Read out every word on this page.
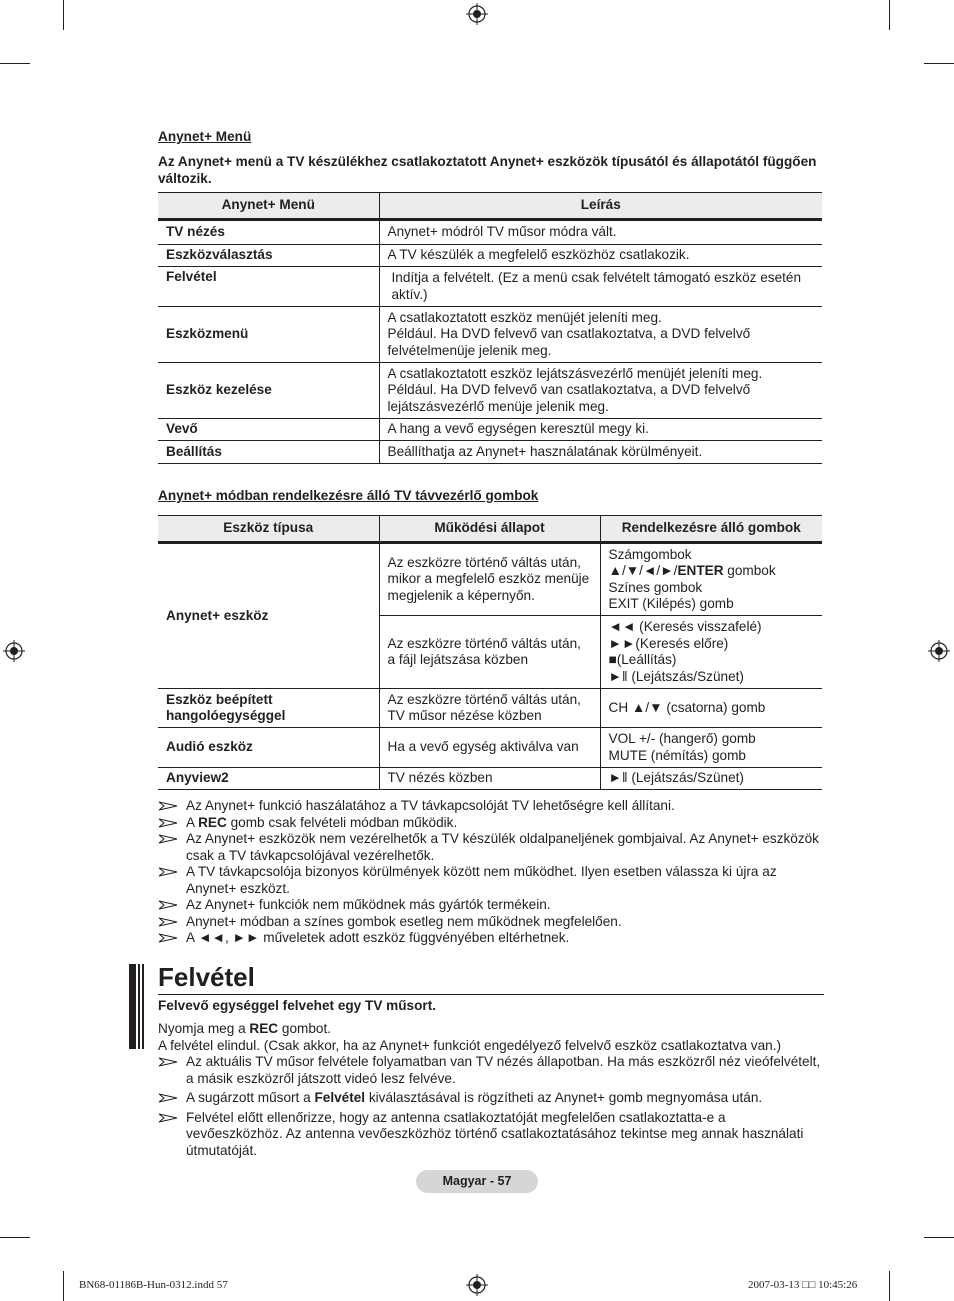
Anynet+ Menü
Az Anynet+ menü a TV készülékhez csatlakoztatott Anynet+ eszközök típusától és állapotától függően változik.
Anynet+ Menü	Leírás
TV nézés	Anynet+ módról TV műsor módra vált.
Eszközválasztás	A TV készülék a megfelelő eszközhöz csatlakozik.
Felvétel	Indítja a felvételt. (Ez a menü csak felvételt támogató eszköz esetén aktív.)
Eszközmenü	A csatlakoztatott eszköz menüjét jeleníti meg.
Például. Ha DVD felvevő van csatlakoztatva, a DVD felvelvő felvételmenüje jelenik meg.
Eszköz kezelése	A csatlakoztatott eszköz lejátszásvezérlő menüjét jeleníti meg.
Például. Ha DVD felvevő van csatlakoztatva, a DVD felvelvő lejátszásvezérlő menüje jelenik meg.
Vevő	A hang a vevő egységen keresztül megy ki.
Beállítás	Beállíthatja az Anynet+ használatának körülményeit.
Anynet+ módban rendelkezésre álló TV távvezérlő gombok
Eszköz típusa	Működési állapot	Rendelkezésre álló gombok
Anynet+ eszköz	Az eszközre történő váltás után, mikor a megfelelő eszköz menüje megjelenik a képernyőn.	Számgombok
▲/▼/◄/►/ENTER gombok
Színes gombok
EXIT (Kilépés) gomb

	Az eszközre történő váltás után, a fájl lejátszása közben	◄◄ (Keresés visszafelé)
►►(Keresés előre)
■(Leállítás)
►‖ (Lejátszás/Szünet)

Eszköz beépített hangolóegységgel	Az eszközre történő váltás után, TV műsor nézése közben	CH ▲/▼ (csatorna) gomb
Audió eszköz	Ha a vevő egység aktiválva van	VOL +/- (hangerő) gomb
MUTE (némítás) gomb

Anyview2	TV nézés közben	►‖ (Lejátszás/Szünet)
Az Anynet+ funkció haszálatához a TV távkapcsolóját TV lehetőségre kell állítani.
A REC gomb csak felvételi módban működik.
Az Anynet+ eszközök nem vezérelhetők a TV készülék oldalpaneljének gombjaival. Az Anynet+ eszközök csak a TV távkapcsolójával vezérelhetők.
A TV távkapcsolója bizonyos körülmények között nem működhet. Ilyen esetben válassza ki újra az Anynet+ eszközt.
Az Anynet+ funkciók nem működnek más gyártók termékein.
Anynet+ módban a színes gombok esetleg nem működnek megfelelően.
A ◄◄, ►► műveletek adott eszköz függvényében eltérhetnek.
Felvétel
Felvevő egységgel felvehet egy TV műsort.
Nyomja meg a REC gombot.
A felvétel elindul. (Csak akkor, ha az Anynet+ funkciót engedélyező felvelvő eszköz csatlakoztatva van.)
Az aktuális TV műsor felvétele folyamatban van TV nézés állapotban. Ha más eszközről néz vieófelvételt, a másik eszközről játszott videó lesz felvéve.
A sugárzott műsort a Felvétel kiválasztásával is rögzítheti az Anynet+ gomb megnyomása után.
Felvétel előtt ellenőrizze, hogy az antenna csatlakoztatóját megfelelően csatlakoztatta-e a vevőeszközhöz. Az antenna vevőeszközhöz történő csatlakoztatásához tekintse meg annak használati útmutatóját.
Magyar - 57
BN68-01186B-Hun-0312.indd 57	2007-03-13 □□ 10:45:26
